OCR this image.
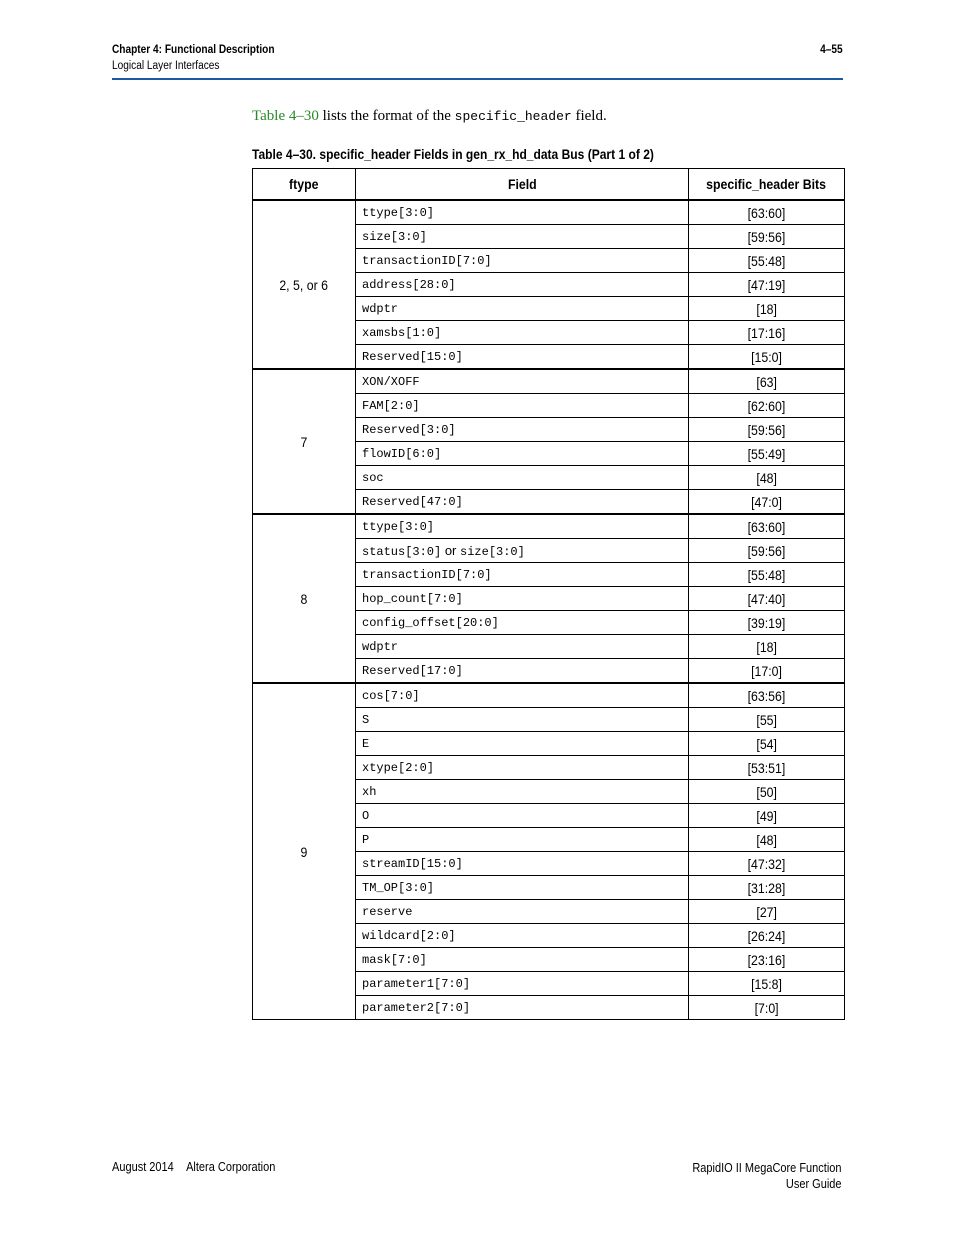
Chapter 4: Functional Description
Logical Layer Interfaces
4–55
Table 4–30 lists the format of the specific_header field.
Table 4–30. specific_header Fields in gen_rx_hd_data Bus (Part 1 of 2)
ftype	Field	specific_header Bits
2, 5, or 6	ttype[3:0]	[63:60]
	size[3:0]	[59:56]
	transactionID[7:0]	[55:48]
	address[28:0]	[47:19]
	wdptr	[18]
	xamsbs[1:0]	[17:16]
	Reserved[15:0]	[15:0]
7	XON/XOFF	[63]
	FAM[2:0]	[62:60]
	Reserved[3:0]	[59:56]
	flowID[6:0]	[55:49]
	soc	[48]
	Reserved[47:0]	[47:0]
8	ttype[3:0]	[63:60]
	status[3:0] or size[3:0]	[59:56]
	transactionID[7:0]	[55:48]
	hop_count[7:0]	[47:40]
	config_offset[20:0]	[39:19]
	wdptr	[18]
	Reserved[17:0]	[17:0]
9	cos[7:0]	[63:56]
	S	[55]
	E	[54]
	xtype[2:0]	[53:51]
	xh	[50]
	O	[49]
	P	[48]
	streamID[15:0]	[47:32]
	TM_OP[3:0]	[31:28]
	reserve	[27]
	wildcard[2:0]	[26:24]
	mask[7:0]	[23:16]
	parameter1[7:0]	[15:8]
	parameter2[7:0]	[7:0]
August 2014 Altera Corporation	RapidIO II MegaCore Function
User Guide
